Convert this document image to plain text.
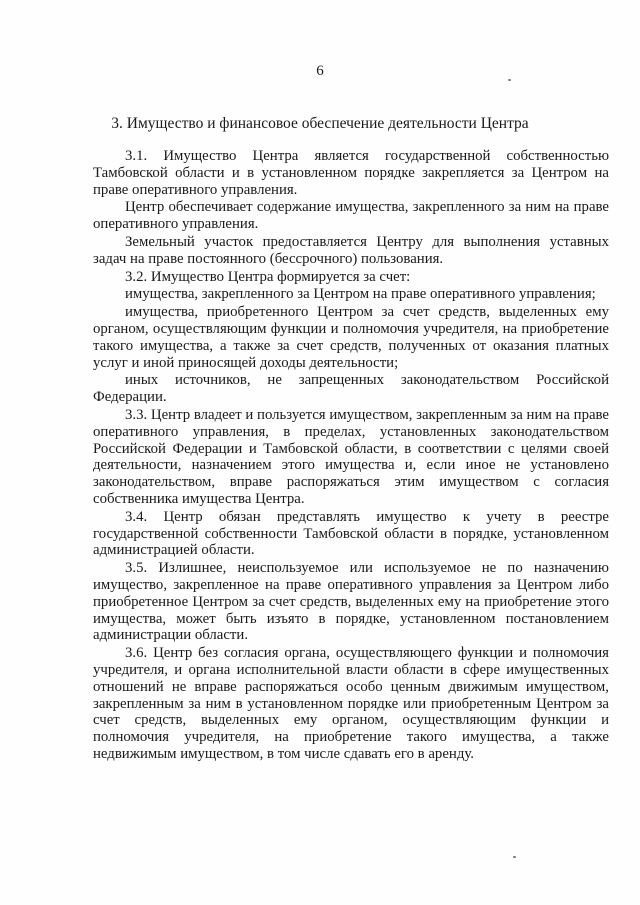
6
3. Имущество и финансовое обеспечение деятельности Центра

3.1. Имущество Центра является государственной собственностью Тамбовской области и в установленном порядке закрепляется за Центром на праве оперативного управления.

Центр обеспечивает содержание имущества, закрепленного за ним на праве оперативного управления.

Земельный участок предоставляется Центру для выполнения уставных задач на праве постоянного (бессрочного) пользования.

3.2. Имущество Центра формируется за счет:

имущества, закрепленного за Центром на праве оперативного управления;

имущества, приобретенного Центром за счет средств, выделенных ему органом, осуществляющим функции и полномочия учредителя, на приобретение такого имущества, а также за счет средств, полученных от оказания платных услуг и иной приносящей доходы деятельности;

иных источников, не запрещенных законодательством Российской Федерации.

3.3. Центр владеет и пользуется имуществом, закрепленным за ним на праве оперативного управления, в пределах, установленных законодательством Российской Федерации и Тамбовской области, в соответствии с целями своей деятельности, назначением этого имущества и, если иное не установлено законодательством, вправе распоряжаться этим имуществом с согласия собственника имущества Центра.

3.4. Центр обязан представлять имущество к учету в реестре государственной собственности Тамбовской области в порядке, установленном администрацией области.

3.5. Излишнее, неиспользуемое или используемое не по назначению имущество, закрепленное на праве оперативного управления за Центром либо приобретенное Центром за счет средств, выделенных ему на приобретение этого имущества, может быть изъято в порядке, установленном постановлением администрации области.

3.6. Центр без согласия органа, осуществляющего функции и полномочия учредителя, и органа исполнительной власти области в сфере имущественных отношений не вправе распоряжаться особо ценным движимым имуществом, закрепленным за ним в установленном порядке или приобретенным Центром за счет средств, выделенных ему органом, осуществляющим функции и полномочия учредителя, на приобретение такого имущества, а также недвижимым имуществом, в том числе сдавать его в аренду.
